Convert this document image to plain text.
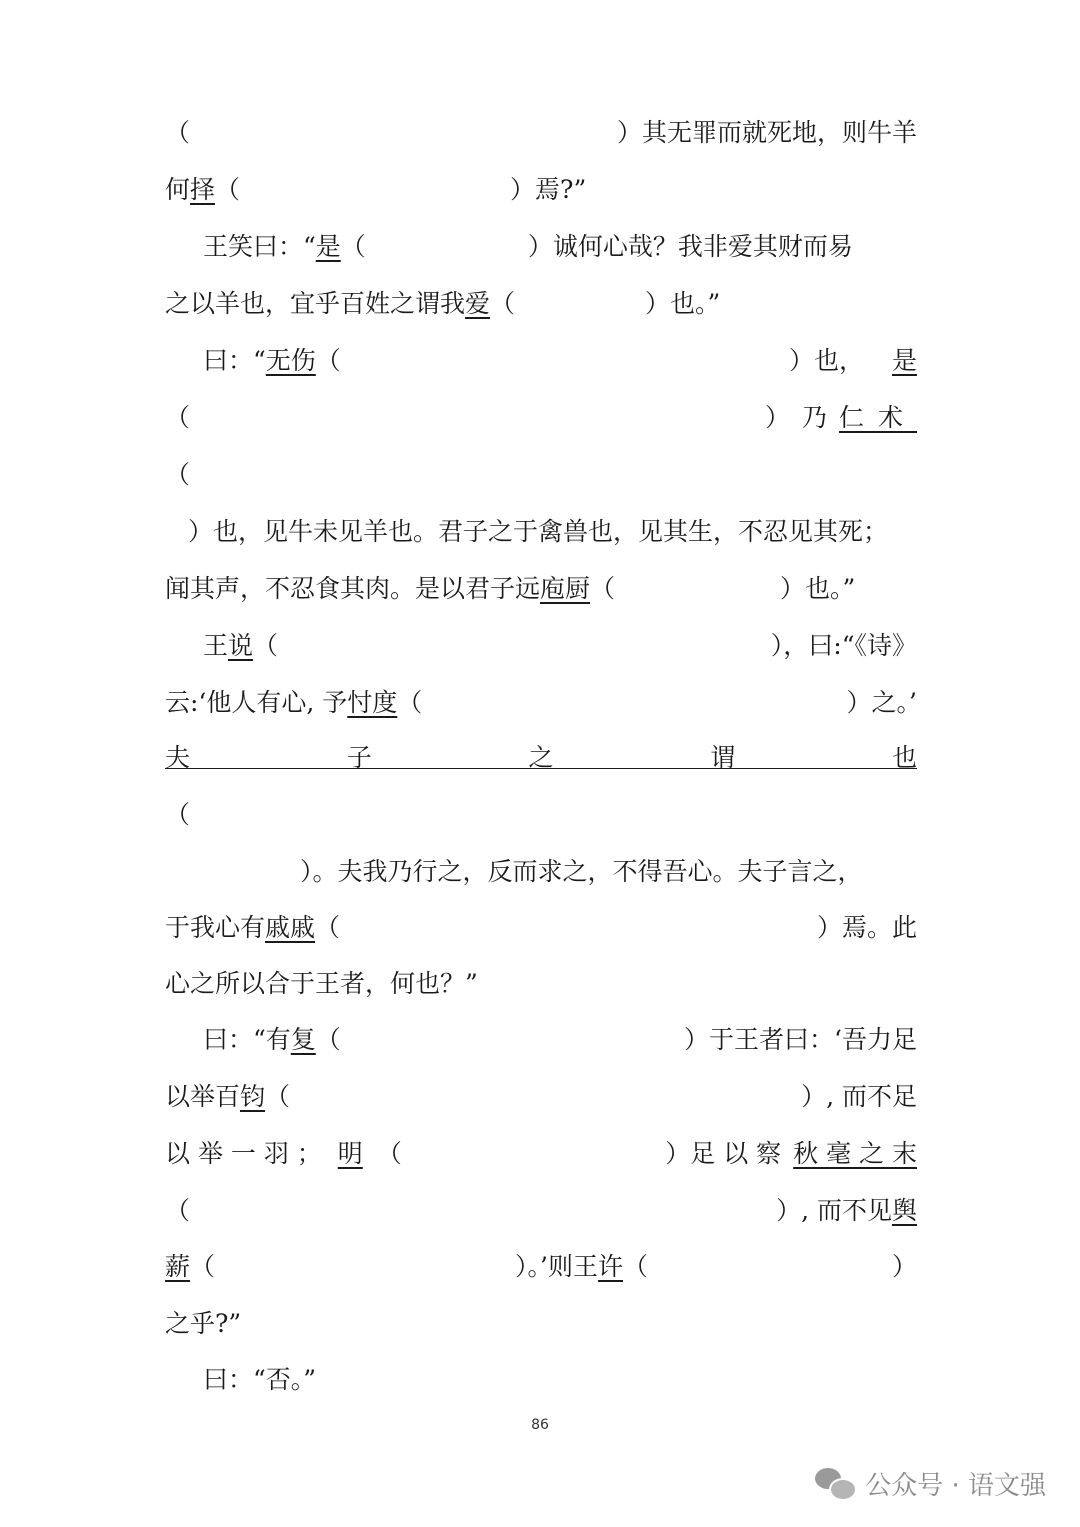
（	）其无罪而就死地，则牛羊
何择（	）焉?”
王笑曰：“是（	）诚何心哉？我非爱其财而易
之以羊也，宜乎百姓之谓我爱（	）也。”
曰：“无伤（	）也， 是
（	）乃仁术
（
）也，见牛未见羊也。君子之于禽兽也，见其生，不忍见其死；
闻其声，不忍食其肉。是以君子远庖厨（	）也。”
王说（	），曰:“《诗》
云:‘他人有心, 予忖度（	）之。’
夫	子	之	谓	也
（
）。夫我乃行之，反而求之，不得吾心。夫子言之，
于我心有戚戚（	）焉。此
心之所以合于王者，何也？”
曰：“有复（	）于王者曰：‘吾力足
以举百钧（	）, 而不足
以 举 一 羽 ； 明 （	）足 以 察 秋 毫 之 末
（	）, 而不见舆
薪（	）。’则王许（	）
之乎?”
曰：“否。”
86
公众号 · 语文强
